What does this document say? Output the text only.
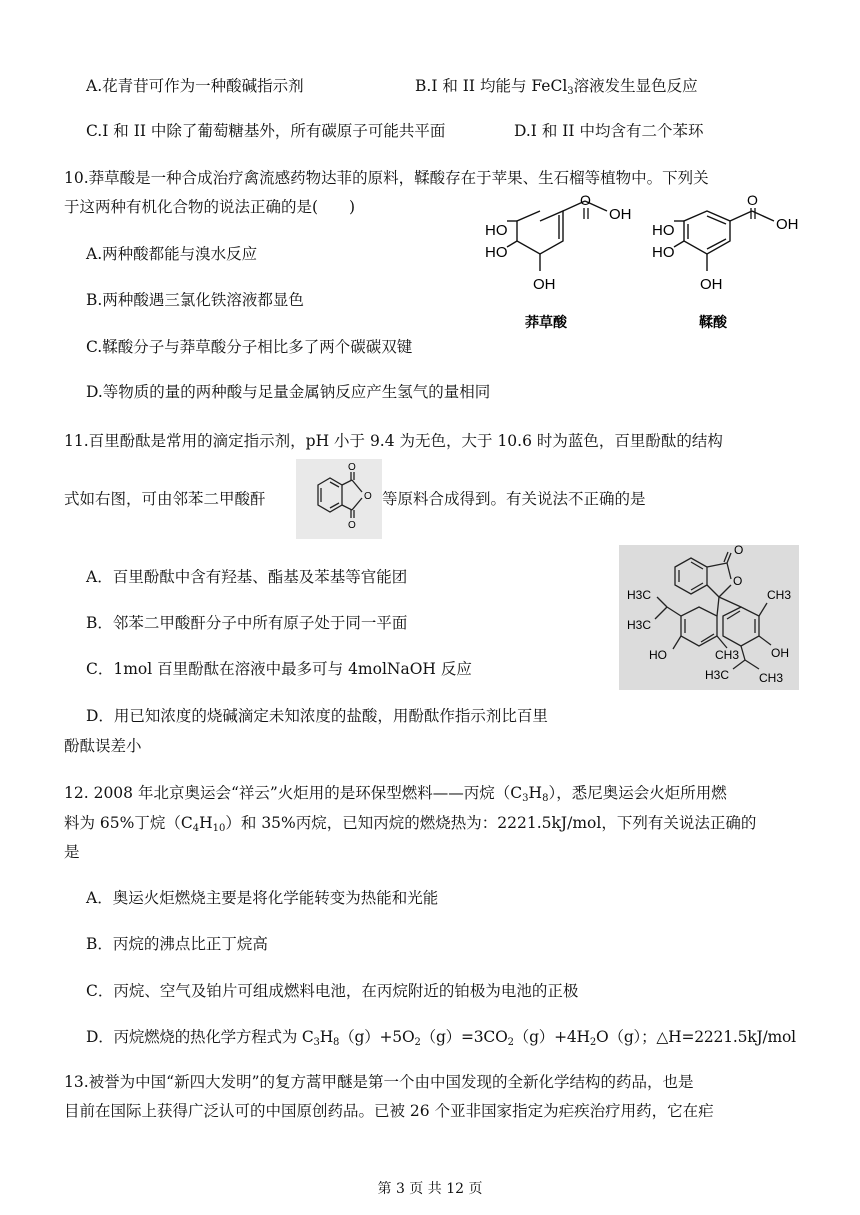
A.花青苷可作为一种酸碱指示剂	B.I 和 II 均能与 FeCl$_3$溶液发生显色反应
C.I 和 II 中除了葡萄糖基外，所有碳原子可能共平面	D.I 和 II 中均含有二个苯环
10.莽草酸是一种合成治疗禽流感药物达菲的原料，鞣酸存在于苹果、生石榴等植物中。下列关
于这两种有机化合物的说法正确的是(　　)
A.两种酸都能与溴水反应
B.两种酸遇三氯化铁溶液都显色
C.鞣酸分子与莽草酸分子相比多了两个碳碳双键
D.等物质的量的两种酸与足量金属钠反应产生氢气的量相同
HO
HO
OH
OH
莽草酸
O
HO
HO
OH
OH
鞣酸
O
11.百里酚酞是常用的滴定指示剂，pH 小于 9.4 为无色，大于 10.6 时为蓝色，百里酚酞的结构
式如右图，可由邻苯二甲酸酐
O
O
O
等原料合成得到。有关说法不正确的是
A．百里酚酞中含有羟基、酯基及苯基等官能团
B．邻苯二甲酸酐分子中所有原子处于同一平面
C．1mol 百里酚酞在溶液中最多可与 4molNaOH 反应
D．用已知浓度的烧碱滴定未知浓度的盐酸，用酚酞作指示剂比百里
酚酞误差小
O
O
H3C
H3C
CH3
HO	CH3	OH
H3C CH3
12. 2008 年北京奥运会“祥云”火炬用的是环保型燃料——丙烷$(C_3H_8)$，悉尼奥运会火炬所用燃
料为 65%丁烷$(C_4H_{10})$和 35%丙烷，已知丙烷的燃烧热为：2221.5kJ/mol，下列有关说法正确的
是
A．奥运火炬燃烧主要是将化学能转变为热能和光能
B．丙烷的沸点比正丁烷高
C．丙烷、空气及铂片可组成燃料电池，在丙烷附近的铂极为电池的正极
D．丙烷燃烧的热化学方程式为 $C_3H_8(g)+5O_2(g)=3CO_2(g)+4H_2O(g)$；△H=2221.5kJ/mol
13.被誉为中国“新四大发明”的复方蒿甲醚是第一个由中国发现的全新化学结构的药品，也是
目前在国际上获得广泛认可的中国原创药品。已被 26 个亚非国家指定为疟疾治疗用药，它在疟
第 3 页 共 12 页
